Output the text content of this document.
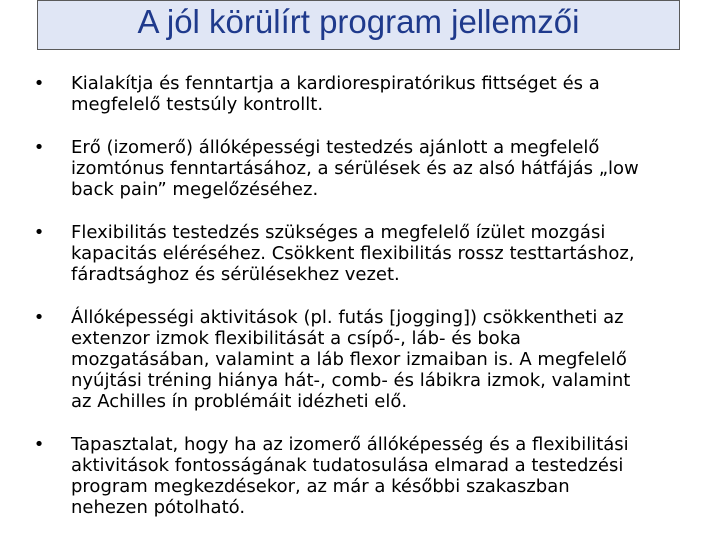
A jól körülírt program jellemzői
• Kialakítja és fenntartja a kardiorespiratórikus fittséget és a
megfelelő testsúly kontrollt.
• Erő (izomerő) állóképességi testedzés ajánlott a megfelelő
izomtónus fenntartásához, a sérülések és az alsó hátfájás „low
back pain” megelőzéséhez.
• Flexibilitás testedzés szükséges a megfelelő ízület mozgási
kapacitás eléréséhez. Csökkent flexibilitás rossz testtartáshoz,
fáradtsághoz és sérülésekhez vezet.
• Állóképességi aktivitások (pl. futás [jogging]) csökkentheti az
extenzor izmok flexibilitását a csípő-, láb- és boka
mozgatásában, valamint a láb flexor izmaiban is. A megfelelő
nyújtási tréning hiánya hát-, comb- és lábikra izmok, valamint
az Achilles ín problémáit idézheti elő.
• Tapasztalat, hogy ha az izomerő állóképesség és a flexibilitási
aktivitások fontosságának tudatosulása elmarad a testedzési
program megkezdésekor, az már a későbbi szakaszban
nehezen pótolható.
